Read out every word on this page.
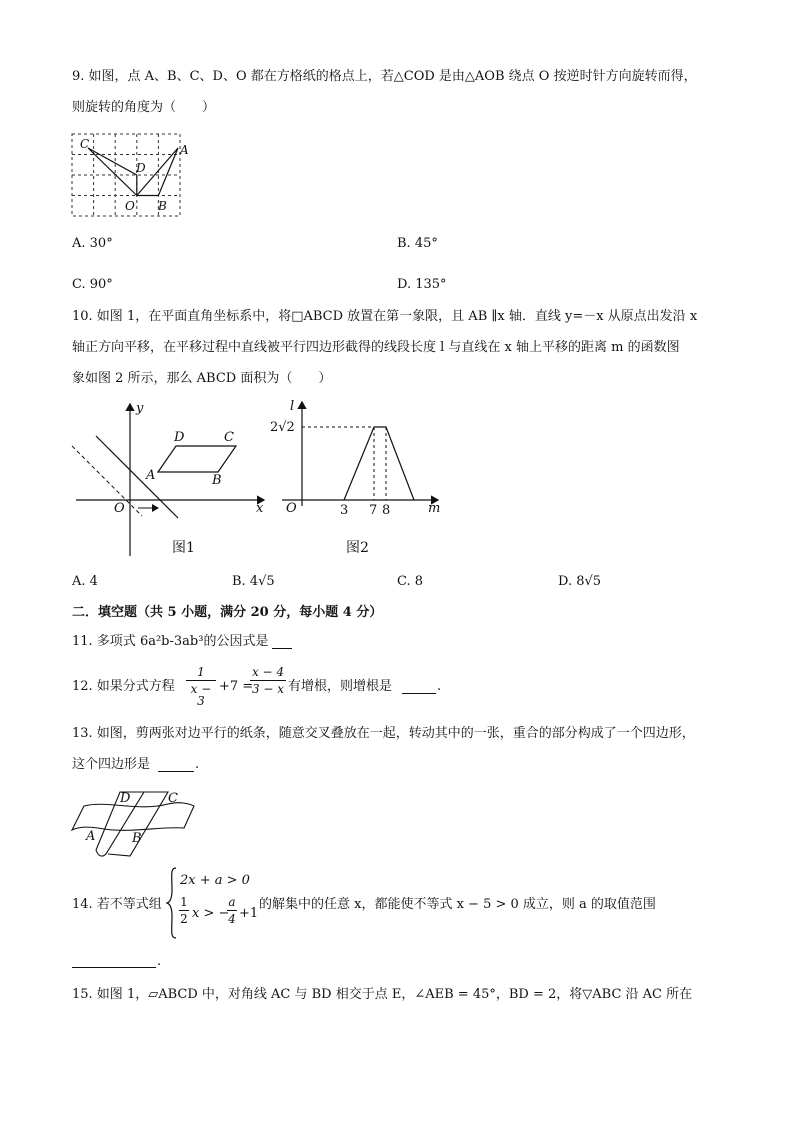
9. 如图，点 A、B、C、D、O 都在方格纸的格点上，若△COD 是由△AOB 绕点 O 按逆时针方向旋转而得，
则旋转的角度为（　　）
C
D
A
O B
A. 30°	B. 45°
C. 90°	D. 135°
10. 如图 1，在平面直角坐标系中，将□ABCD 放置在第一象限，且 AB ∥x 轴．直线 y=－x 从原点出发沿 x
轴正方向平移，在平移过程中直线被平行四边形截得的线段长度 l 与直线在 x 轴上平移的距离 m 的函数图
象如图 2 所示，那么 ABCD 面积为（　　）
y
x
O
D	C
A	B
图1
l
m
O
2√2
3 7 8
图2
A. 4	B. 4√5	C. 8	D. 8√5
二．填空题（共 5 小题，满分 20 分，每小题 4 分）
11. 多项式 6a²b-3ab³的公因式是
12. 如果分式方程
1
x − 3
+7 =
x − 4
3 − x 有增根，则增根是	.
13. 如图，剪两张对边平行的纸条，随意交叉叠放在一起，转动其中的一张，重合的部分构成了一个四边形，
这个四边形是	.
D	C
A	B
14. 若不等式组
2x + a > 0
1
2 x > −
a
4 +1
的解集中的任意 x，都能使不等式 x − 5 > 0 成立，则 a 的取值范围
.
15. 如图 1，▱ABCD 中，对角线 AC 与 BD 相交于点 E，∠AEB = 45°，BD = 2，将▽ABC 沿 AC 所在
